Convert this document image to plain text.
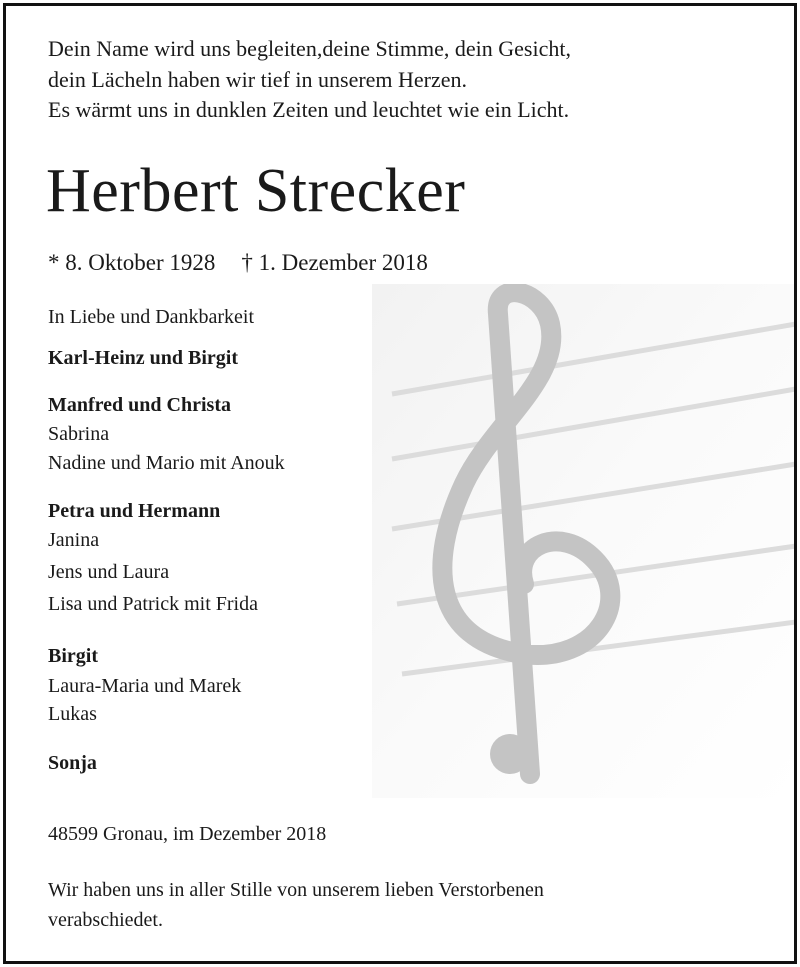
Dein Name wird uns begleiten,deine Stimme, dein Gesicht,
dein Lächeln haben wir tief in unserem Herzen.
Es wärmt uns in dunklen Zeiten und leuchtet wie ein Licht.
Herbert Strecker
* 8. Oktober 1928 † 1. Dezember 2018
In Liebe und Dankbarkeit
Karl-Heinz und Birgit
Manfred und Christa
Sabrina
Nadine und Mario mit Anouk
Petra und Hermann
Janina
Jens und Laura
Lisa und Patrick mit Frida
Birgit
Laura-Maria und Marek
Lukas
Sonja
48599 Gronau, im Dezember 2018
Wir haben uns in aller Stille von unserem lieben Verstorbenen
verabschiedet.
